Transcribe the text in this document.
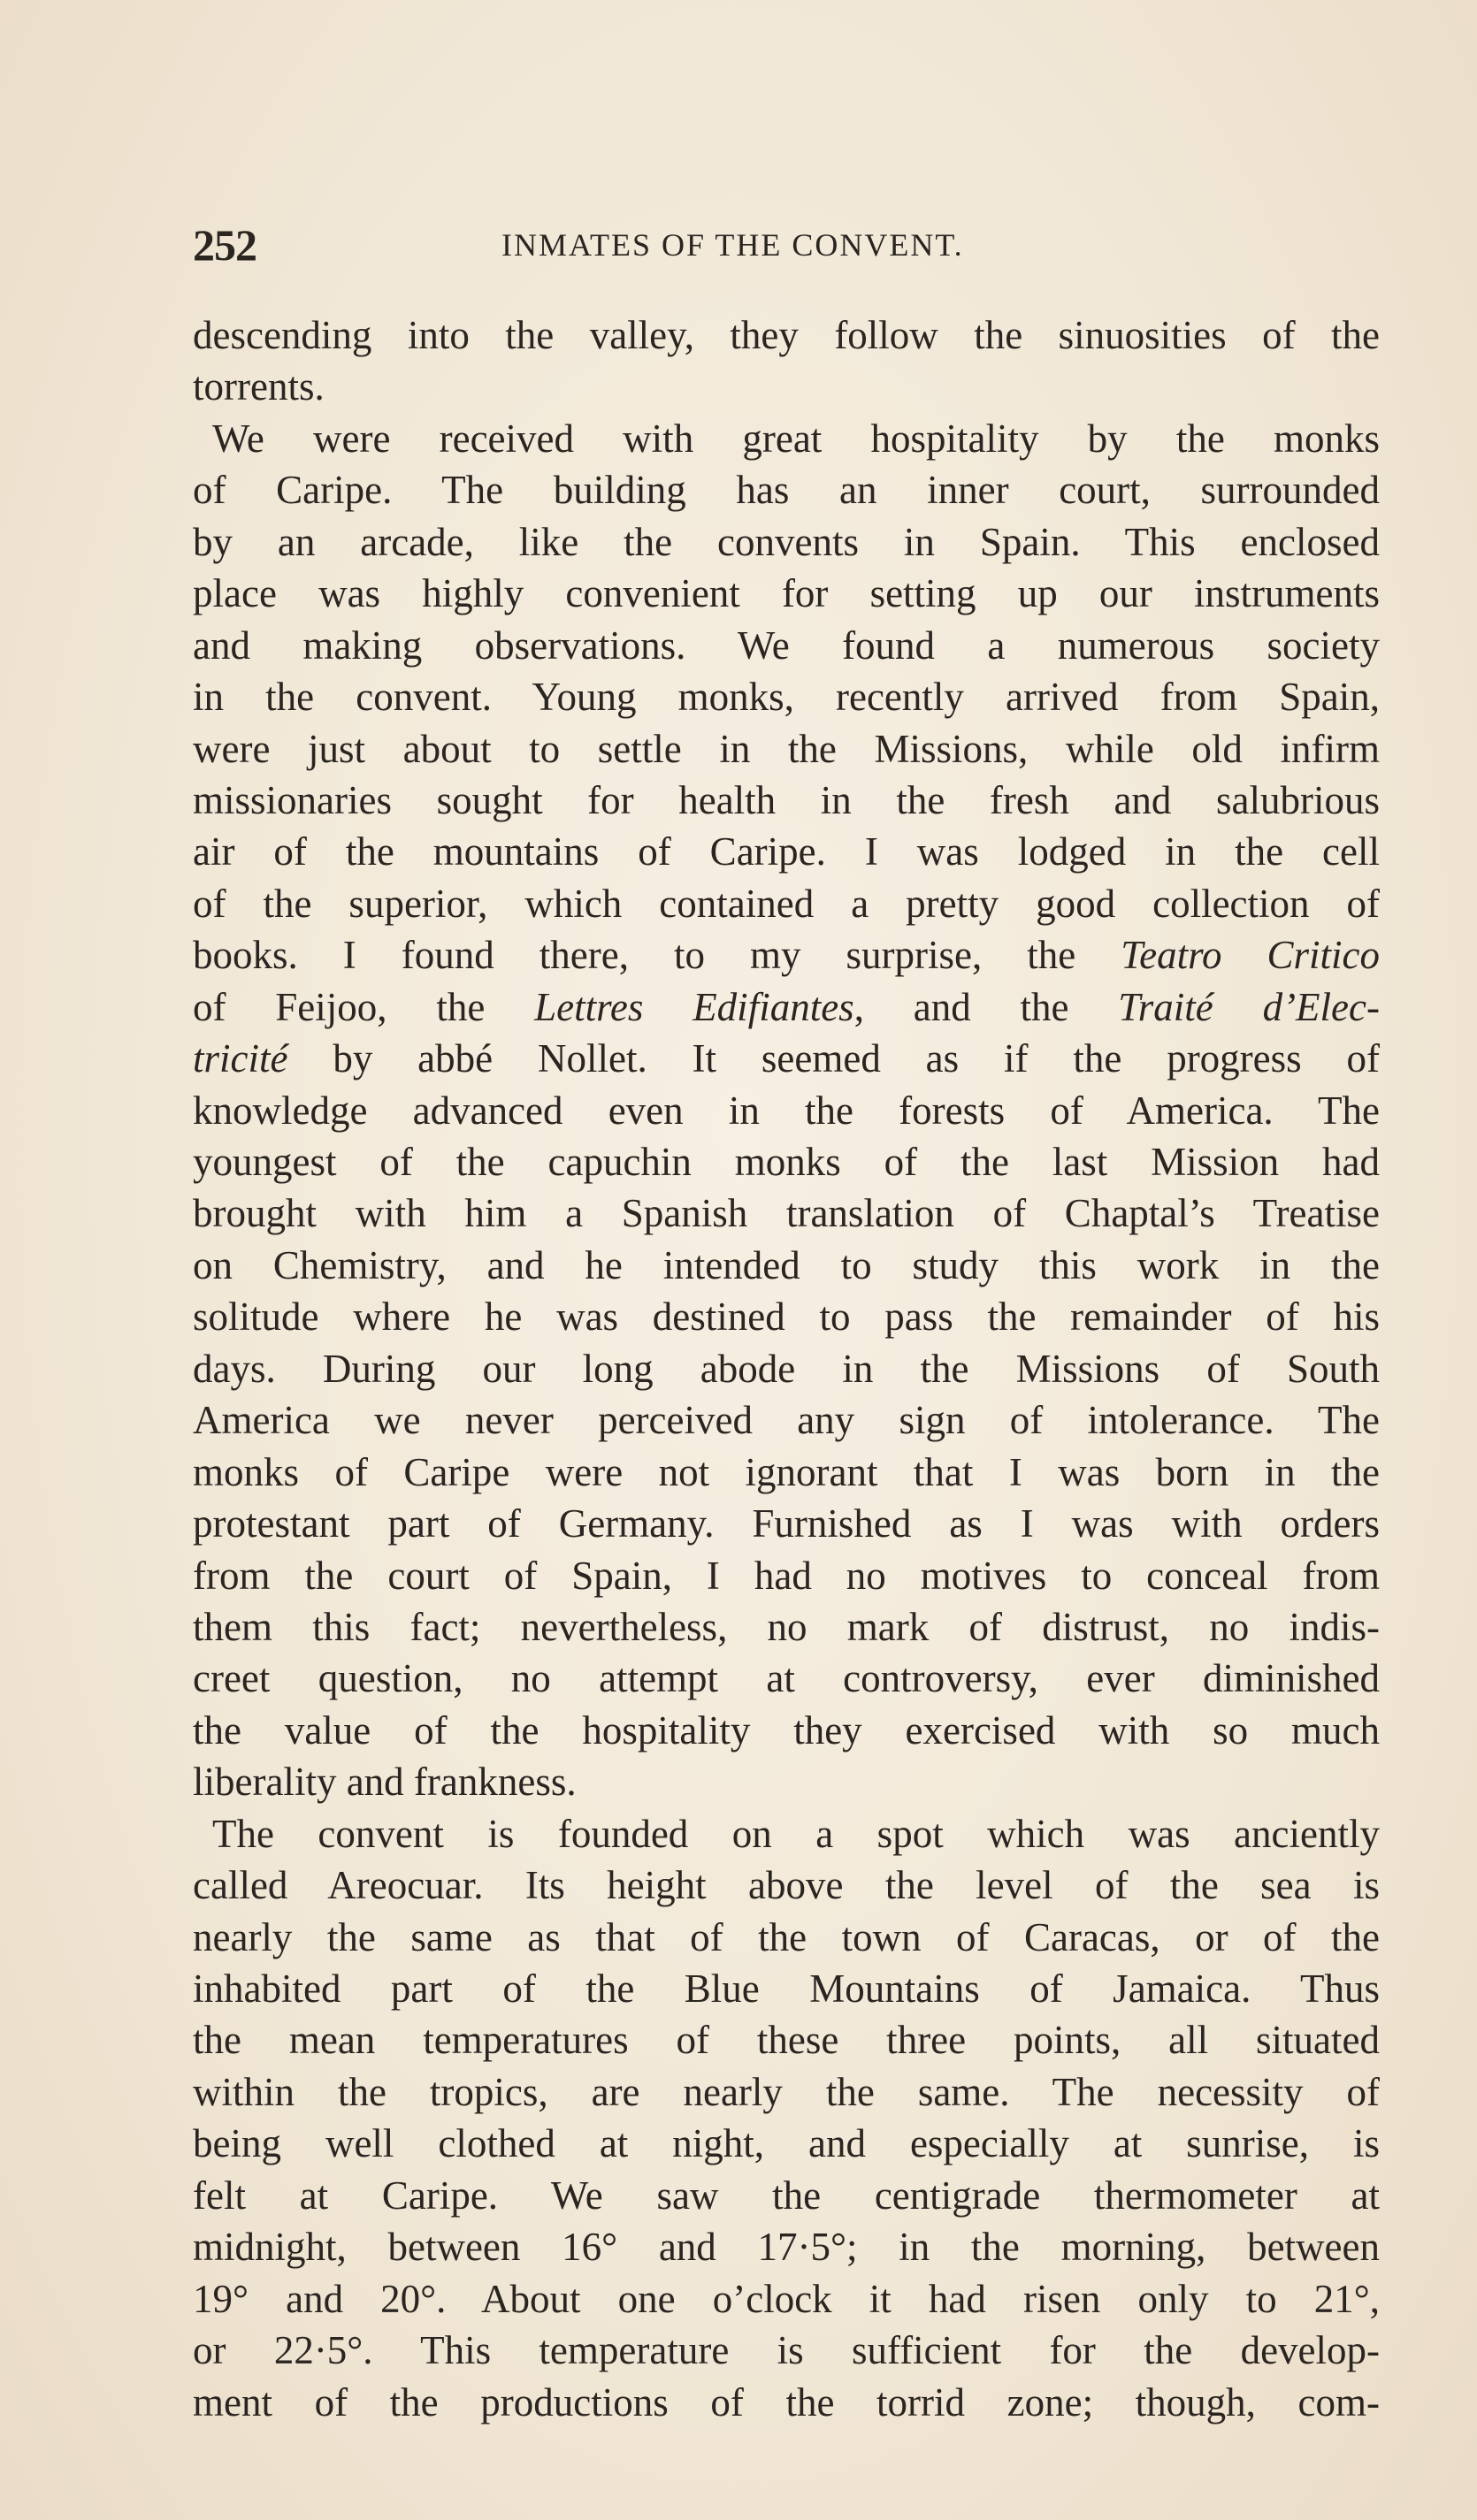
252	INMATES OF THE CONVENT.
descending into the valley, they follow the sinuosities of the
torrents.
We were received with great hospitality by the monks
of Caripe. The building has an inner court, surrounded
by an arcade, like the convents in Spain. This enclosed
place was highly convenient for setting up our instruments
and making observations. We found a numerous society
in the convent. Young monks, recently arrived from Spain,
were just about to settle in the Missions, while old infirm
missionaries sought for health in the fresh and salubrious
air of the mountains of Caripe. I was lodged in the cell
of the superior, which contained a pretty good collection of
books. I found there, to my surprise, the Teatro Critico
of Feijoo, the Lettres Edifiantes, and the Traité d’Elec-
tricité by abbé Nollet. It seemed as if the progress of
knowledge advanced even in the forests of America. The
youngest of the capuchin monks of the last Mission had
brought with him a Spanish translation of Chaptal’s Treatise
on Chemistry, and he intended to study this work in the
solitude where he was destined to pass the remainder of his
days. During our long abode in the Missions of South
America we never perceived any sign of intolerance. The
monks of Caripe were not ignorant that I was born in the
protestant part of Germany. Furnished as I was with orders
from the court of Spain, I had no motives to conceal from
them this fact; nevertheless, no mark of distrust, no indis-
creet question, no attempt at controversy, ever diminished
the value of the hospitality they exercised with so much
liberality and frankness.
The convent is founded on a spot which was anciently
called Areocuar. Its height above the level of the sea is
nearly the same as that of the town of Caracas, or of the
inhabited part of the Blue Mountains of Jamaica. Thus
the mean temperatures of these three points, all situated
within the tropics, are nearly the same. The necessity of
being well clothed at night, and especially at sunrise, is
felt at Caripe. We saw the centigrade thermometer at
midnight, between 16° and 17·5°; in the morning, between
19° and 20°. About one o’clock it had risen only to 21°,
or 22·5°. This temperature is sufficient for the develop-
ment of the productions of the torrid zone; though, com-
